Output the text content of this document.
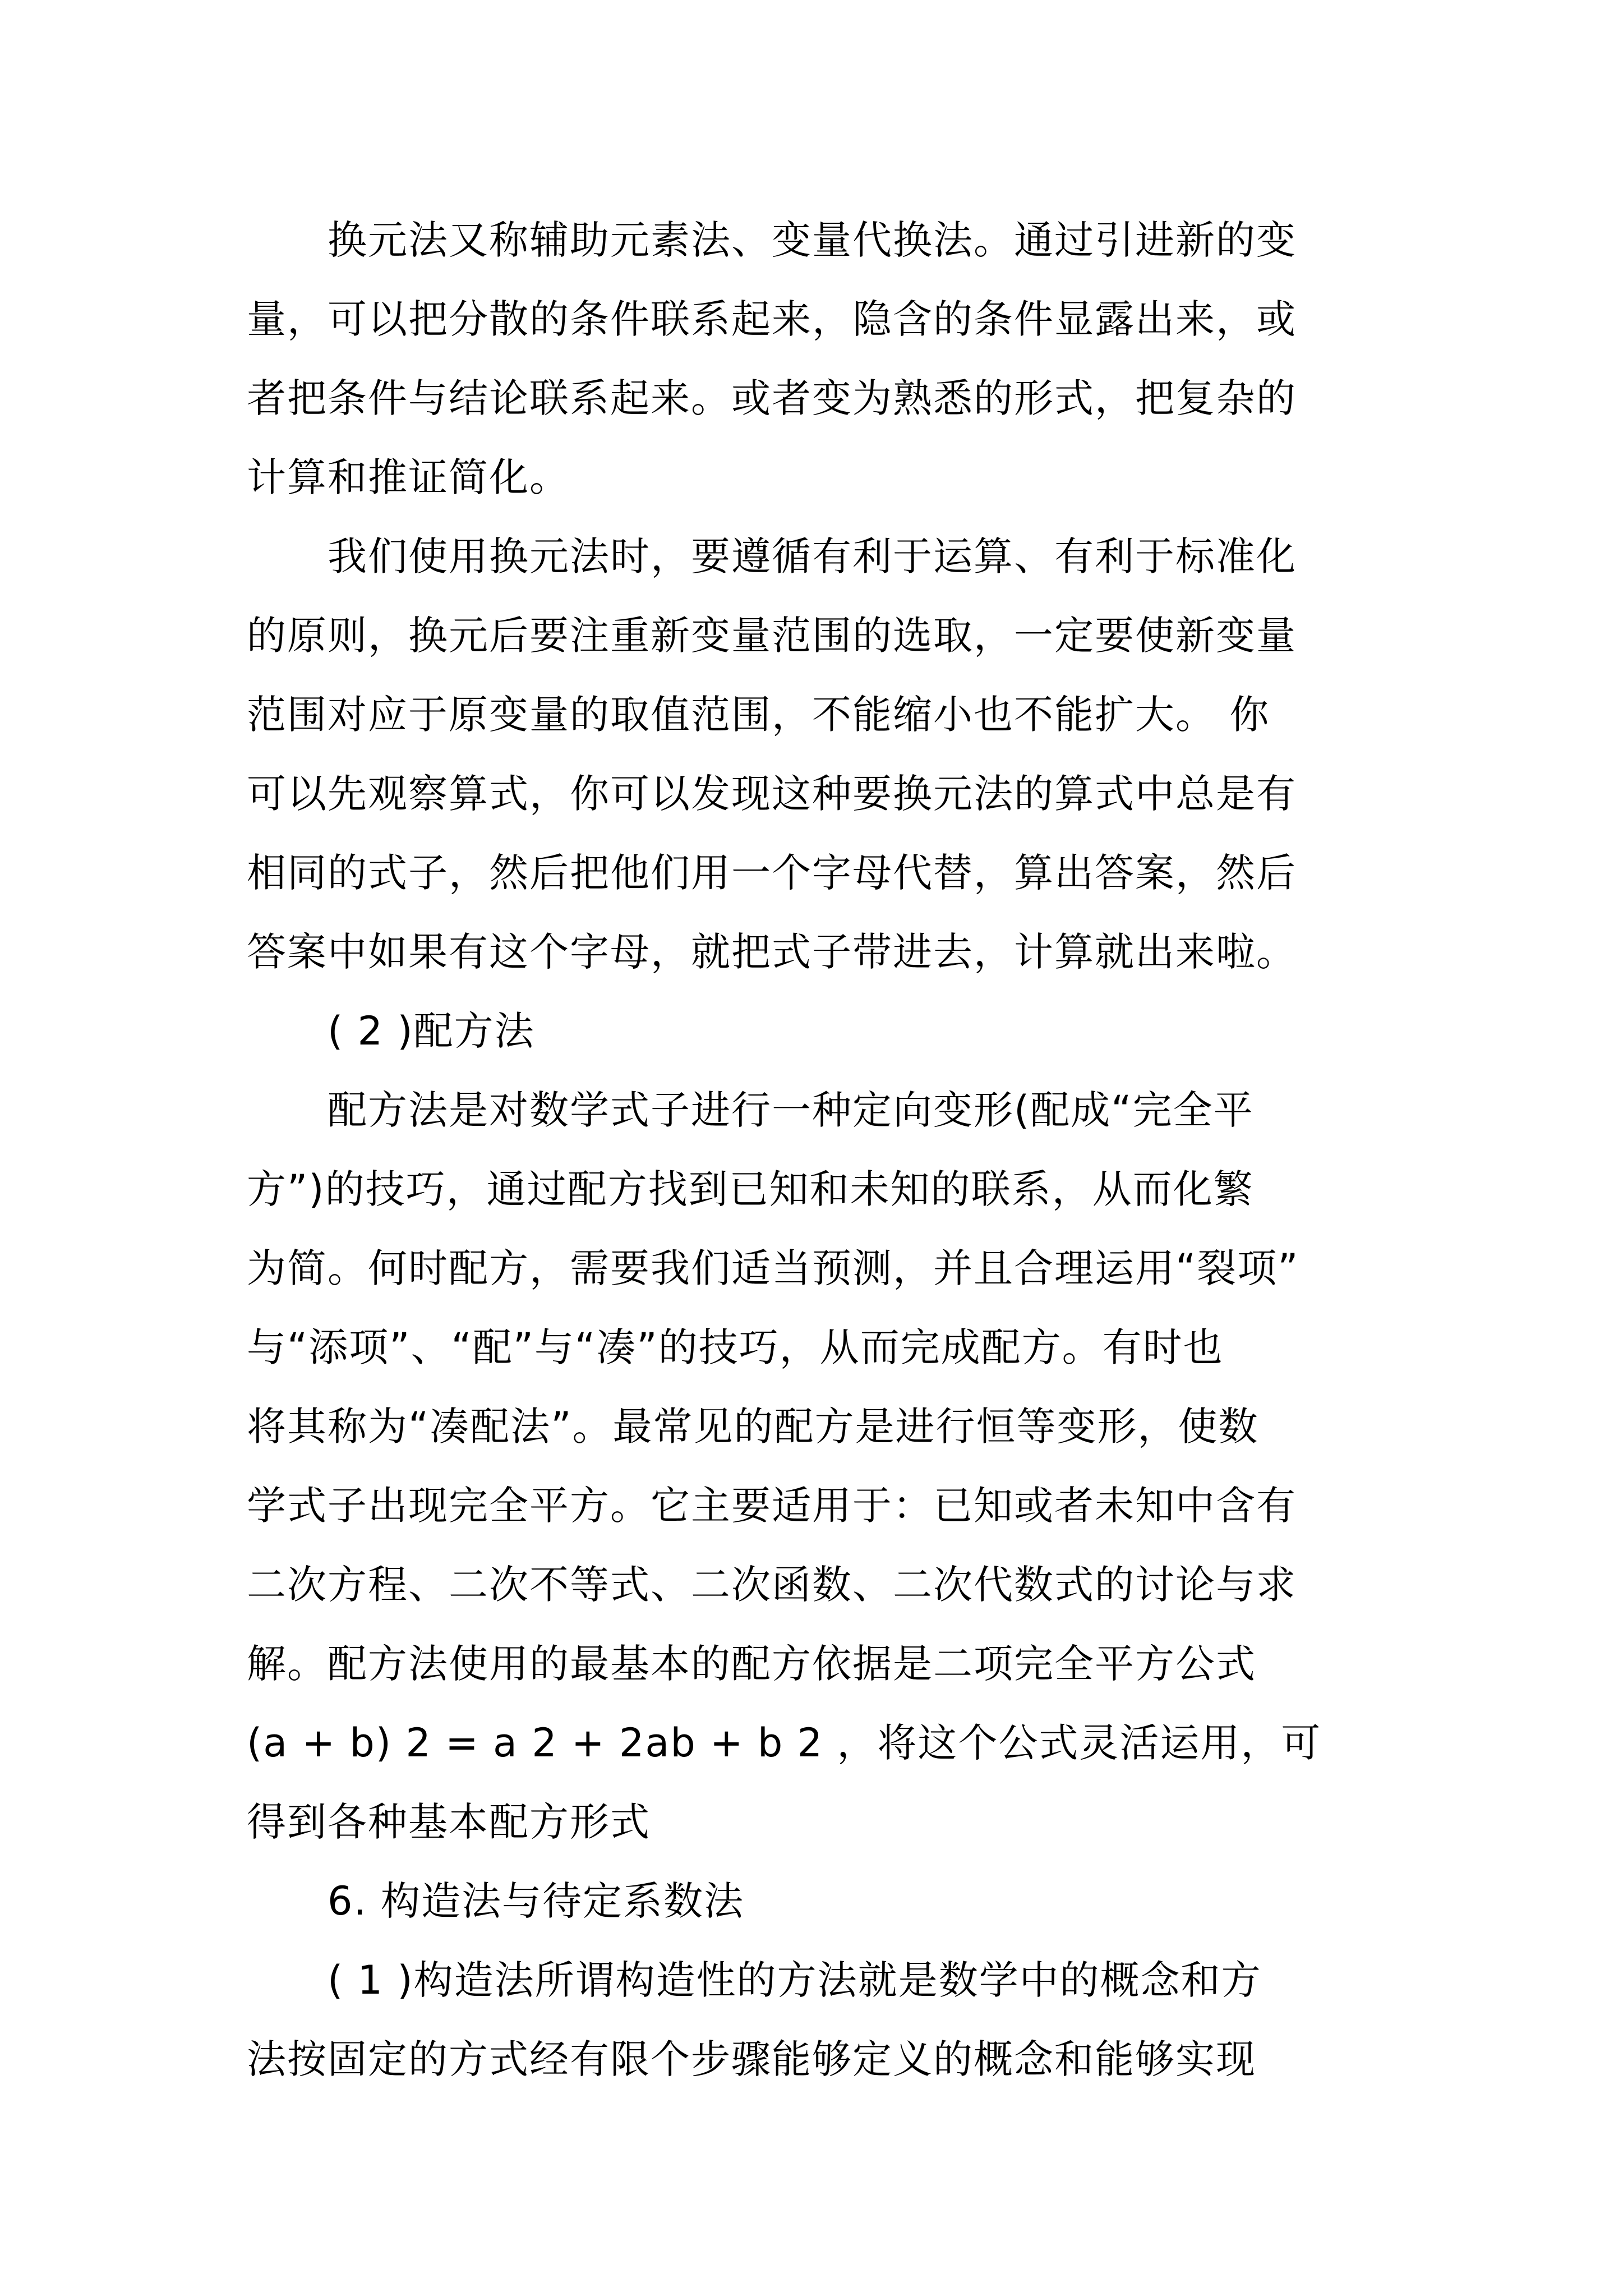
换元法又称辅助元素法、变量代换法。通过引进新的变
量，可以把分散的条件联系起来，隐含的条件显露出来，或
者把条件与结论联系起来。或者变为熟悉的形式，把复杂的
计算和推证简化。
我们使用换元法时，要遵循有利于运算、有利于标准化
的原则，换元后要注重新变量范围的选取，一定要使新变量
范围对应于原变量的取值范围，不能缩小也不能扩大。 你
可以先观察算式，你可以发现这种要换元法的算式中总是有
相同的式子，然后把他们用一个字母代替，算出答案，然后
答案中如果有这个字母，就把式子带进去，计算就出来啦。
( 2 )配方法
配方法是对数学式子进行一种定向变形(配成“完全平
方”)的技巧，通过配方找到已知和未知的联系，从而化繁
为简。何时配方，需要我们适当预测，并且合理运用“裂项”
与“添项”、“配”与“凑”的技巧，从而完成配方。有时也
将其称为“凑配法”。最常见的配方是进行恒等变形，使数
学式子出现完全平方。它主要适用于：已知或者未知中含有
二次方程、二次不等式、二次函数、二次代数式的讨论与求
解。配方法使用的最基本的配方依据是二项完全平方公式
(a + b) 2 = a 2 + 2ab + b 2 ，将这个公式灵活运用，可
得到各种基本配方形式
6. 构造法与待定系数法
( 1 )构造法所谓构造性的方法就是数学中的概念和方
法按固定的方式经有限个步骤能够定义的概念和能够实现
